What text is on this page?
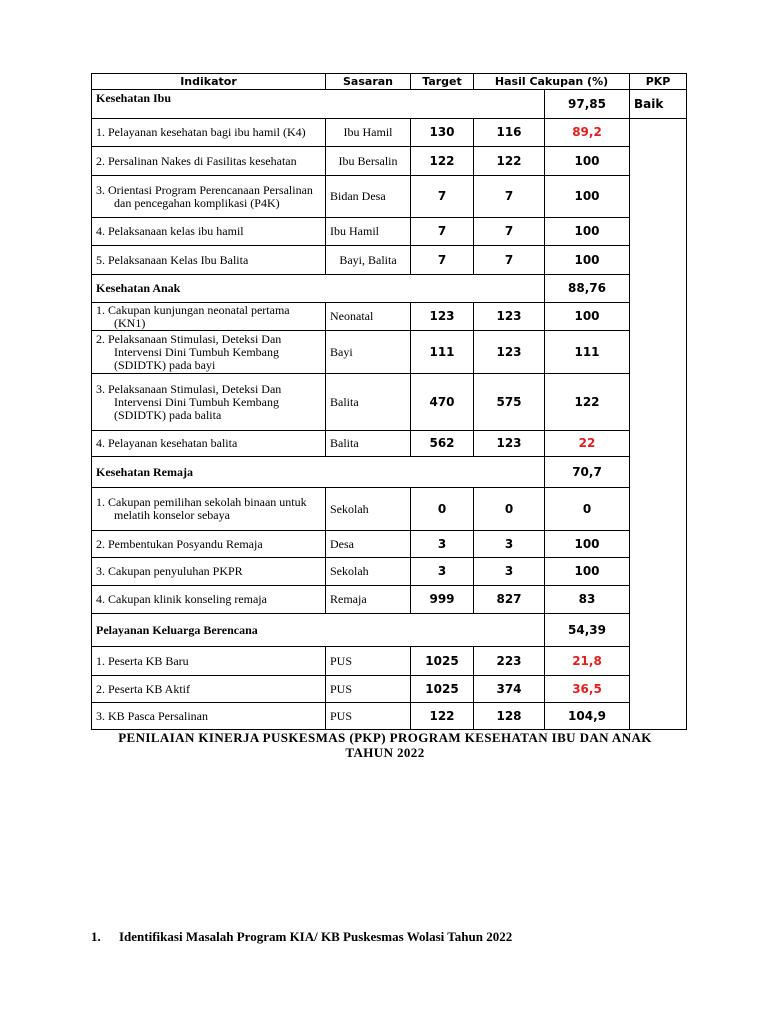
Indikator	Sasaran	Target	Hasil Cakupan (%)		PKP
Kesehatan Ibu				97,85	Baik

1. Pelayanan kesehatan bagi ibu hamil (K4)	Ibu Hamil	130	116	89,2	

2. Persalinan Nakes di Fasilitas kesehatan	Ibu Bersalin	122	122	100	

3. Orientasi Program Perencanaan Persalinan dan pencegahan komplikasi (P4K)	Bidan Desa	7	7	100	

4. Pelaksanaan kelas ibu hamil	Ibu Hamil	7	7	100	

5. Pelaksanaan Kelas Ibu Balita	Bayi, Balita	7	7	100	
Kesehatan Anak				88,76	

1. Cakupan kunjungan neonatal pertama (KN1)	Neonatal	123	123	100	

2. Pelaksanaan Stimulasi, Deteksi Dan Intervensi Dini Tumbuh Kembang (SDIDTK) pada bayi	Bayi	111	123	111	

3. Pelaksanaan Stimulasi, Deteksi Dan Intervensi Dini Tumbuh Kembang (SDIDTK) pada balita	Balita	470	575	122	

4. Pelayanan kesehatan balita	Balita	562	123	22	
Kesehatan Remaja				70,7	

1. Cakupan pemilihan sekolah binaan untuk melatih konselor sebaya	Sekolah	0	0	0	

2. Pembentukan Posyandu Remaja	Desa	3	3	100	

3. Cakupan penyuluhan PKPR	Sekolah	3	3	100	

4. Cakupan klinik konseling remaja	Remaja	999	827	83	
Pelayanan Keluarga Berencana				54,39	

1. Peserta KB Baru	PUS	1025	223	21,8	

2. Peserta KB Aktif	PUS	1025	374	36,5	

3. KB Pasca Persalinan	PUS	122	128	104,9	
PENILAIAN KINERJA PUSKESMAS (PKP) PROGRAM KESEHATAN IBU DAN ANAK TAHUN 2022
1. Identifikasi Masalah Program KIA/ KB Puskesmas Wolasi Tahun 2022
